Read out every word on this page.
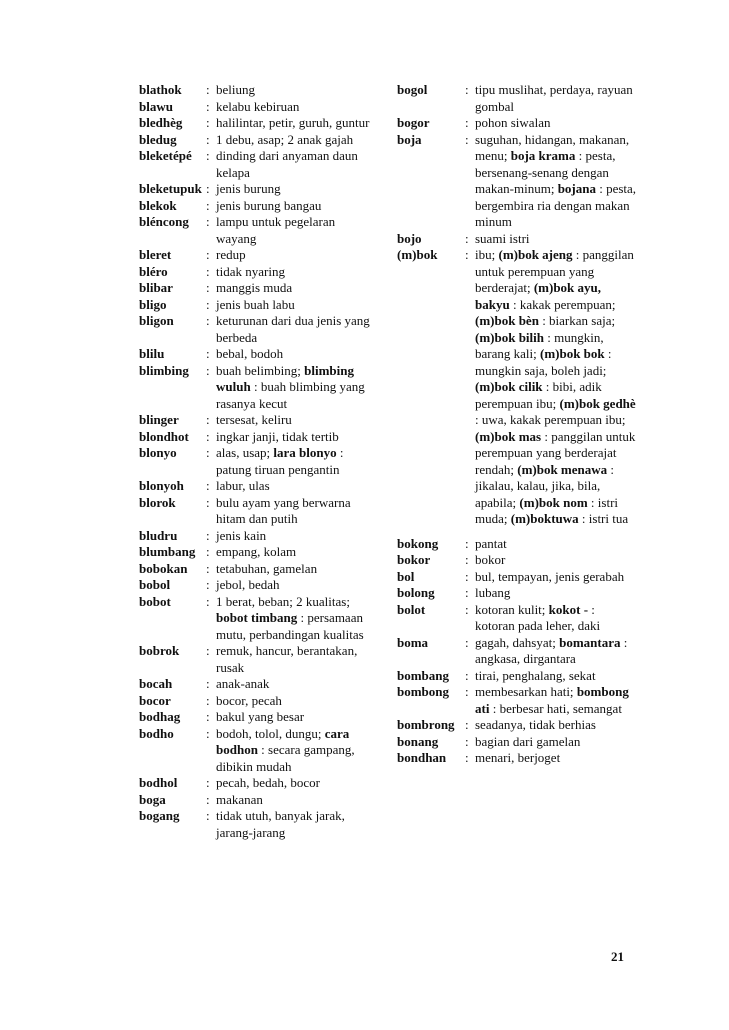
blathok	: beliung
blawu	: kelabu kebiruan
bledhèg	: halilintar, petir, guruh, guntur
bledug	: 1 debu, asap; 2 anak gajah
bleketépé	: dinding dari anyaman daun kelapa
bleketupuk : jenis burung
blekok	: jenis burung bangau
bléncong	: lampu untuk pegelaran wayang
bleret	: redup
bléro	: tidak nyaring
blibar	: manggis muda
bligo	: jenis buah labu
bligon	: keturunan dari dua jenis yang berbeda
blilu	: bebal, bodoh
blimbing	: buah belimbing; blimbing wuluh : buah blimbing yang rasanya kecut
blinger	: tersesat, keliru
blondhot	: ingkar janji, tidak tertib
blonyo	: alas, usap; lara blonyo : patung tiruan pengantin
blonyoh	: labur, ulas
blorok	: bulu ayam yang berwarna hitam dan putih
bludru	: jenis kain
blumbang : empang, kolam
bobokan	: tetabuhan, gamelan
bobol	: jebol, bedah
bobot	: 1 berat, beban; 2 kualitas; bobot timbang : persamaan mutu, perbandingan kualitas
bobrok	: remuk, hancur, berantakan, rusak
bocah	: anak-anak
bocor	: bocor, pecah
bodhag	: bakul yang besar
bodho	: bodoh, tolol, dungu; cara bodhon : secara gampang, dibikin mudah
bodhol	: pecah, bedah, bocor
boga	: makanan
bogang	: tidak utuh, banyak jarak, jarang-jarang
bogol	: tipu muslihat, perdaya, rayuan gombal
bogor	: pohon siwalan
boja	: suguhan, hidangan, makanan, menu; boja krama : pesta, bersenang-senang dengan makan-minum; bojana : pesta, bergembira ria dengan makan minum
bojo	: suami istri
(m)bok	: ibu; (m)bok ajeng : panggilan untuk perempuan yang berderajat; (m)bok ayu, bakyu : kakak perempuan; (m)bok bèn : biarkan saja; (m)bok bilih : mungkin, barang kali; (m)bok bok : mungkin saja, boleh jadi; (m)bok cilik : bibi, adik perempuan ibu; (m)bok gedhè : uwa, kakak perempuan ibu; (m)bok mas : panggilan untuk perempuan yang berderajat rendah; (m)bok menawa : jikalau, kalau, jika, bila, apabila; (m)bok nom : istri muda; (m)boktuwa : istri tua
bokong	: pantat
bokor	: bokor
bol	: bul, tempayan, jenis gerabah
bolong	: lubang
bolot	: kotoran kulit; kokot - : kotoran pada leher, daki
boma	: gagah, dahsyat; bomantara : angkasa, dirgantara
bombang	: tirai, penghalang, sekat
bombong	: membesarkan hati; bombong ati : berbesar hati, semangat
bombrong : seadanya, tidak berhias
bonang	: bagian dari gamelan
bondhan	: menari, berjoget
21
